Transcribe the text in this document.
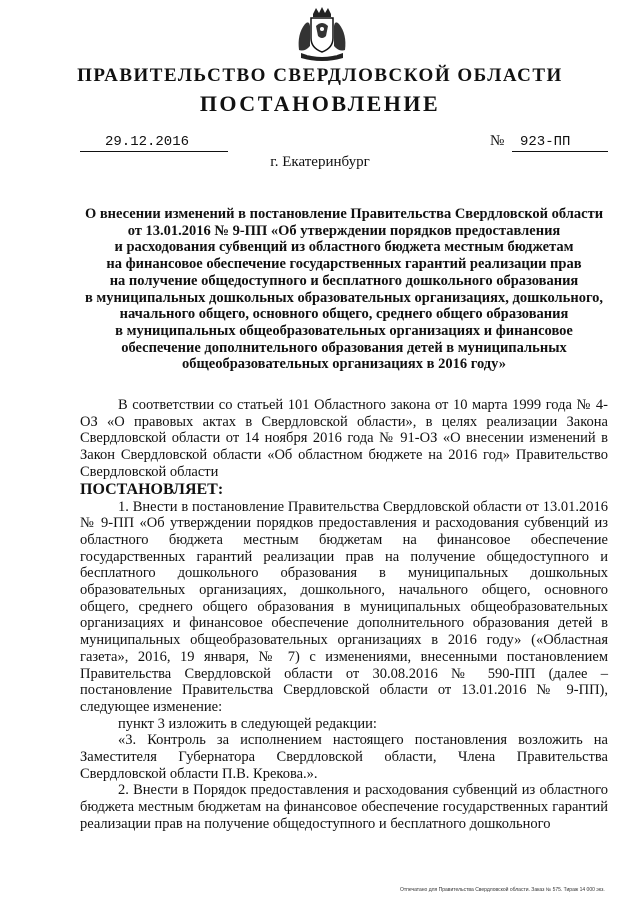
ПРАВИТЕЛЬСТВО СВЕРДЛОВСКОЙ ОБЛАСТИ
ПОСТАНОВЛЕНИЕ
29.12.2016	№	923-ПП
г. Екатеринбург
О внесении изменений в постановление Правительства Свердловской области
от 13.01.2016 № 9-ПП «Об утверждении порядков предоставления
и расходования субвенций из областного бюджета местным бюджетам
на финансовое обеспечение государственных гарантий реализации прав
на получение общедоступного и бесплатного дошкольного образования
в муниципальных дошкольных образовательных организациях, дошкольного,
начального общего, основного общего, среднего общего образования
в муниципальных общеобразовательных организациях и финансовое
обеспечение дополнительного образования детей в муниципальных
общеобразовательных организациях в 2016 году»

В соответствии со статьей 101 Областного закона от 10 марта 1999 года № 4-ОЗ «О правовых актах в Свердловской области», в целях реализации Закона Свердловской области от 14 ноября 2016 года № 91-ОЗ «О внесении изменений в Закон Свердловской области «Об областном бюджете на 2016 год» Правительство Свердловской области

ПОСТАНОВЛЯЕТ:

1. Внести в постановление Правительства Свердловской области от 13.01.2016 № 9-ПП «Об утверждении порядков предоставления и расходования субвенций из областного бюджета местным бюджетам на финансовое обеспечение государственных гарантий реализации прав на получение общедоступного и бесплатного дошкольного образования в муниципальных дошкольных образовательных организациях, дошкольного, начального общего, основного общего, среднего общего образования в муниципальных общеобразовательных организациях и финансовое обеспечение дополнительного образования детей в муниципальных общеобразовательных организациях в 2016 году» («Областная газета», 2016, 19 января, № 7) с изменениями, внесенными постановлением Правительства Свердловской области от 30.08.2016 № 590-ПП (далее – постановление Правительства Свердловской области от 13.01.2016 № 9-ПП), следующее изменение:

пункт 3 изложить в следующей редакции:

«3. Контроль за исполнением настоящего постановления возложить на Заместителя Губернатора Свердловской области, Члена Правительства Свердловской области П.В. Крекова.».

2. Внести в Порядок предоставления и расходования субвенций из областного бюджета местным бюджетам на финансовое обеспечение государственных гарантий реализации прав на получение общедоступного и бесплатного дошкольного

Отпечатано для Правительства Свердловской области. Заказ № 575. Тираж 14 000 экз.
